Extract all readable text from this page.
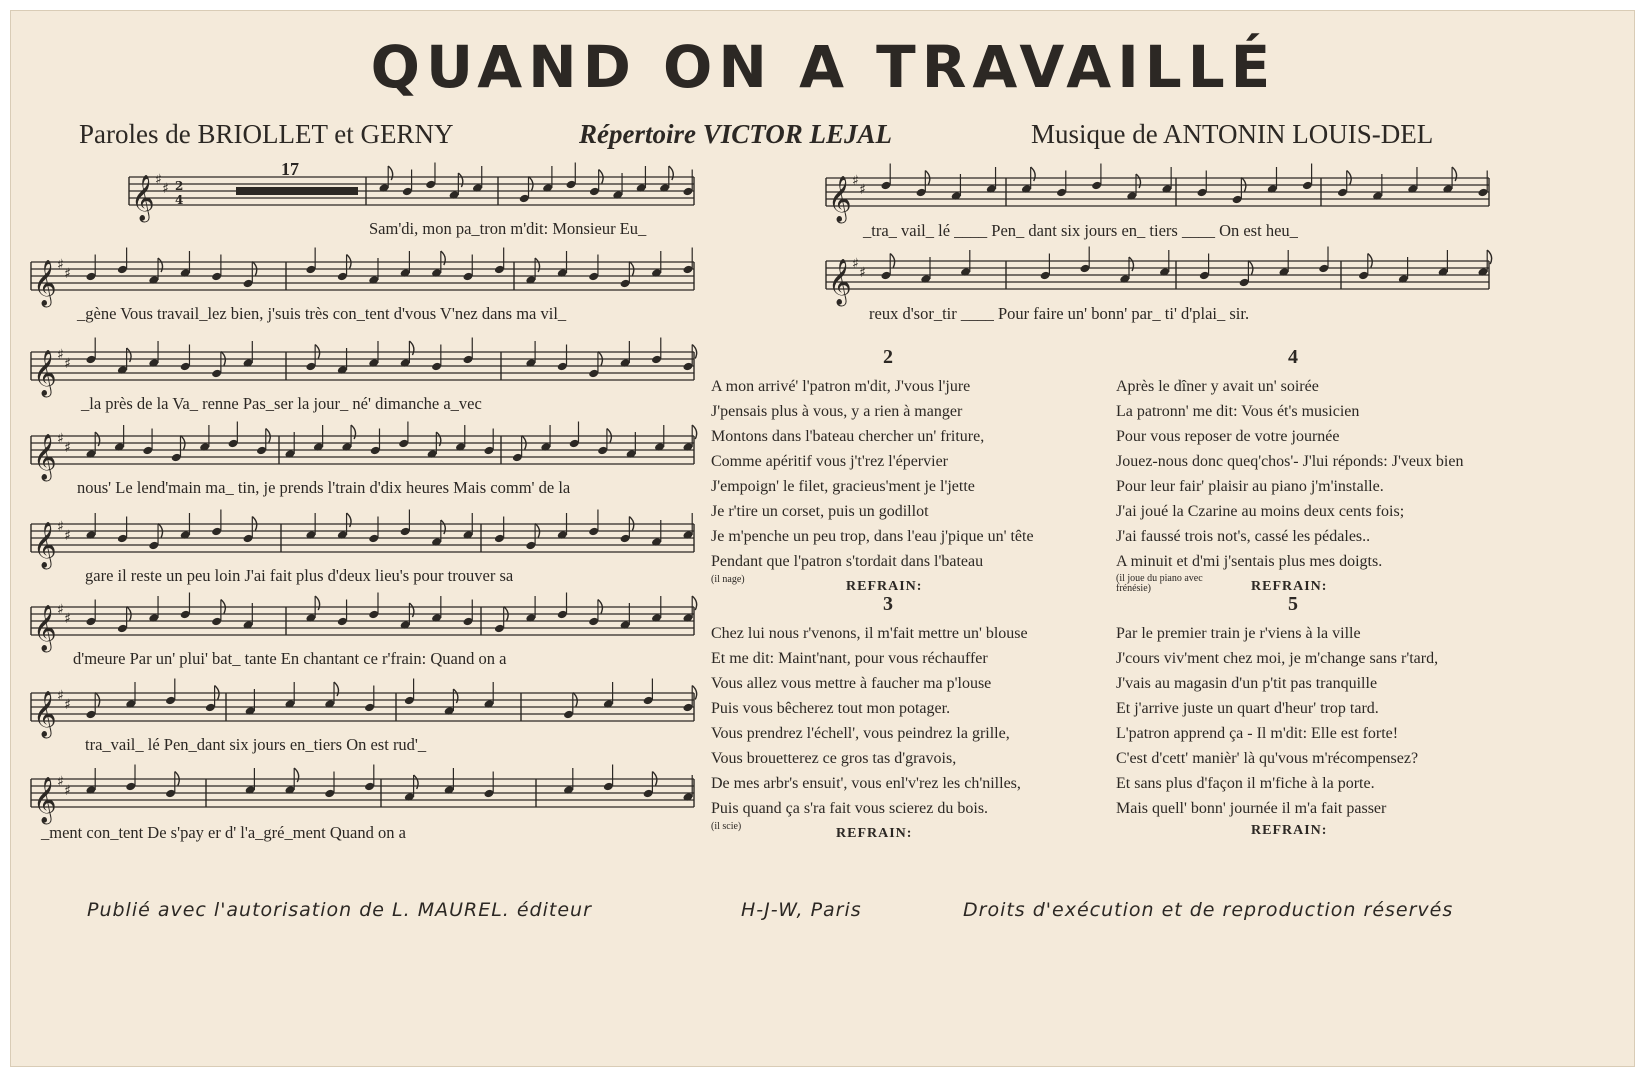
QUAND ON A TRAVAILLÉ
Paroles de BRIOLLET et GERNY	Répertoire VICTOR LEJAL	Musique de ANTONIN LOUIS-DEL
17
𝄞 ♯
♯ 2
4
𝄞 ♯
♯
𝄞 ♯
♯
𝄞 ♯
♯
𝄞 ♯
♯
𝄞 ♯
♯
𝄞 ♯
♯
𝄞 ♯
♯
𝄞 ♯
♯
𝄞 ♯
♯
Sam'di, mon pa_tron m'dit: Monsieur Eu_
_gène Vous travail_lez bien, j'suis très con_tent d'vous V'nez dans ma vil_
_la près de la Va_ renne Pas_ser la jour_ né' dimanche a_vec
nous' Le lend'main ma_ tin, je prends l'train d'dix heures Mais comm' de la
gare il reste un peu loin J'ai fait plus d'deux lieu's pour trouver sa
d'meure Par un' plui' bat_ tante En chantant ce r'frain: Quand on a
tra_vail_ lé Pen_dant six jours en_tiers On est rud'_
_ment con_tent De s'pay er d' l'a_gré_ment Quand on a
_tra_ vail_ lé ____ Pen_ dant six jours en_ tiers ____ On est heu_
reux d'sor_tir ____ Pour faire un' bonn' par_ ti' d'plai_ sir.
2
A mon arrivé' l'patron m'dit, J'vous l'jure
J'pensais plus à vous, y a rien à manger
Montons dans l'bateau chercher un' friture,
Comme apéritif vous j't'rez l'épervier
J'empoign' le filet, gracieus'ment je l'jette
Je r'tire un corset, puis un godillot
Je m'penche un peu trop, dans l'eau j'pique un' tête
Pendant que l'patron s'tordait dans l'bateau
(il nage)	REFRAIN:
3
Chez lui nous r'venons, il m'fait mettre un' blouse
Et me dit: Maint'nant, pour vous réchauffer
Vous allez vous mettre à faucher ma p'louse
Puis vous bêcherez tout mon potager.
Vous prendrez l'échell', vous peindrez la grille,
Vous brouetterez ce gros tas d'gravois,
De mes arbr's ensuit', vous enl'v'rez les ch'nilles,
Puis quand ça s'ra fait vous scierez du bois.
(il scie)	REFRAIN:
4
Après le dîner y avait un' soirée
La patronn' me dit: Vous ét's musicien
Pour vous reposer de votre journée
Jouez-nous donc queq'chos'- J'lui réponds: J'veux bien
Pour leur fair' plaisir au piano j'm'installe.
J'ai joué la Czarine au moins deux cents fois;
J'ai faussé trois not's, cassé les pédales..
A minuit et d'mi j'sentais plus mes doigts.
(il joue du piano avec frénésie)	REFRAIN:
5
Par le premier train je r'viens à la ville
J'cours viv'ment chez moi, je m'change sans r'tard,
J'vais au magasin d'un p'tit pas tranquille
Et j'arrive juste un quart d'heur' trop tard.
L'patron apprend ça - Il m'dit: Elle est forte!
C'est d'cett' manièr' là qu'vous m'récompensez?
Et sans plus d'façon il m'fiche à la porte.
Mais quell' bonn' journée il m'a fait passer
REFRAIN:
Publié avec l'autorisation de L. MAUREL. éditeur	H-J-W, Paris	Droits d'exécution et de reproduction réservés
